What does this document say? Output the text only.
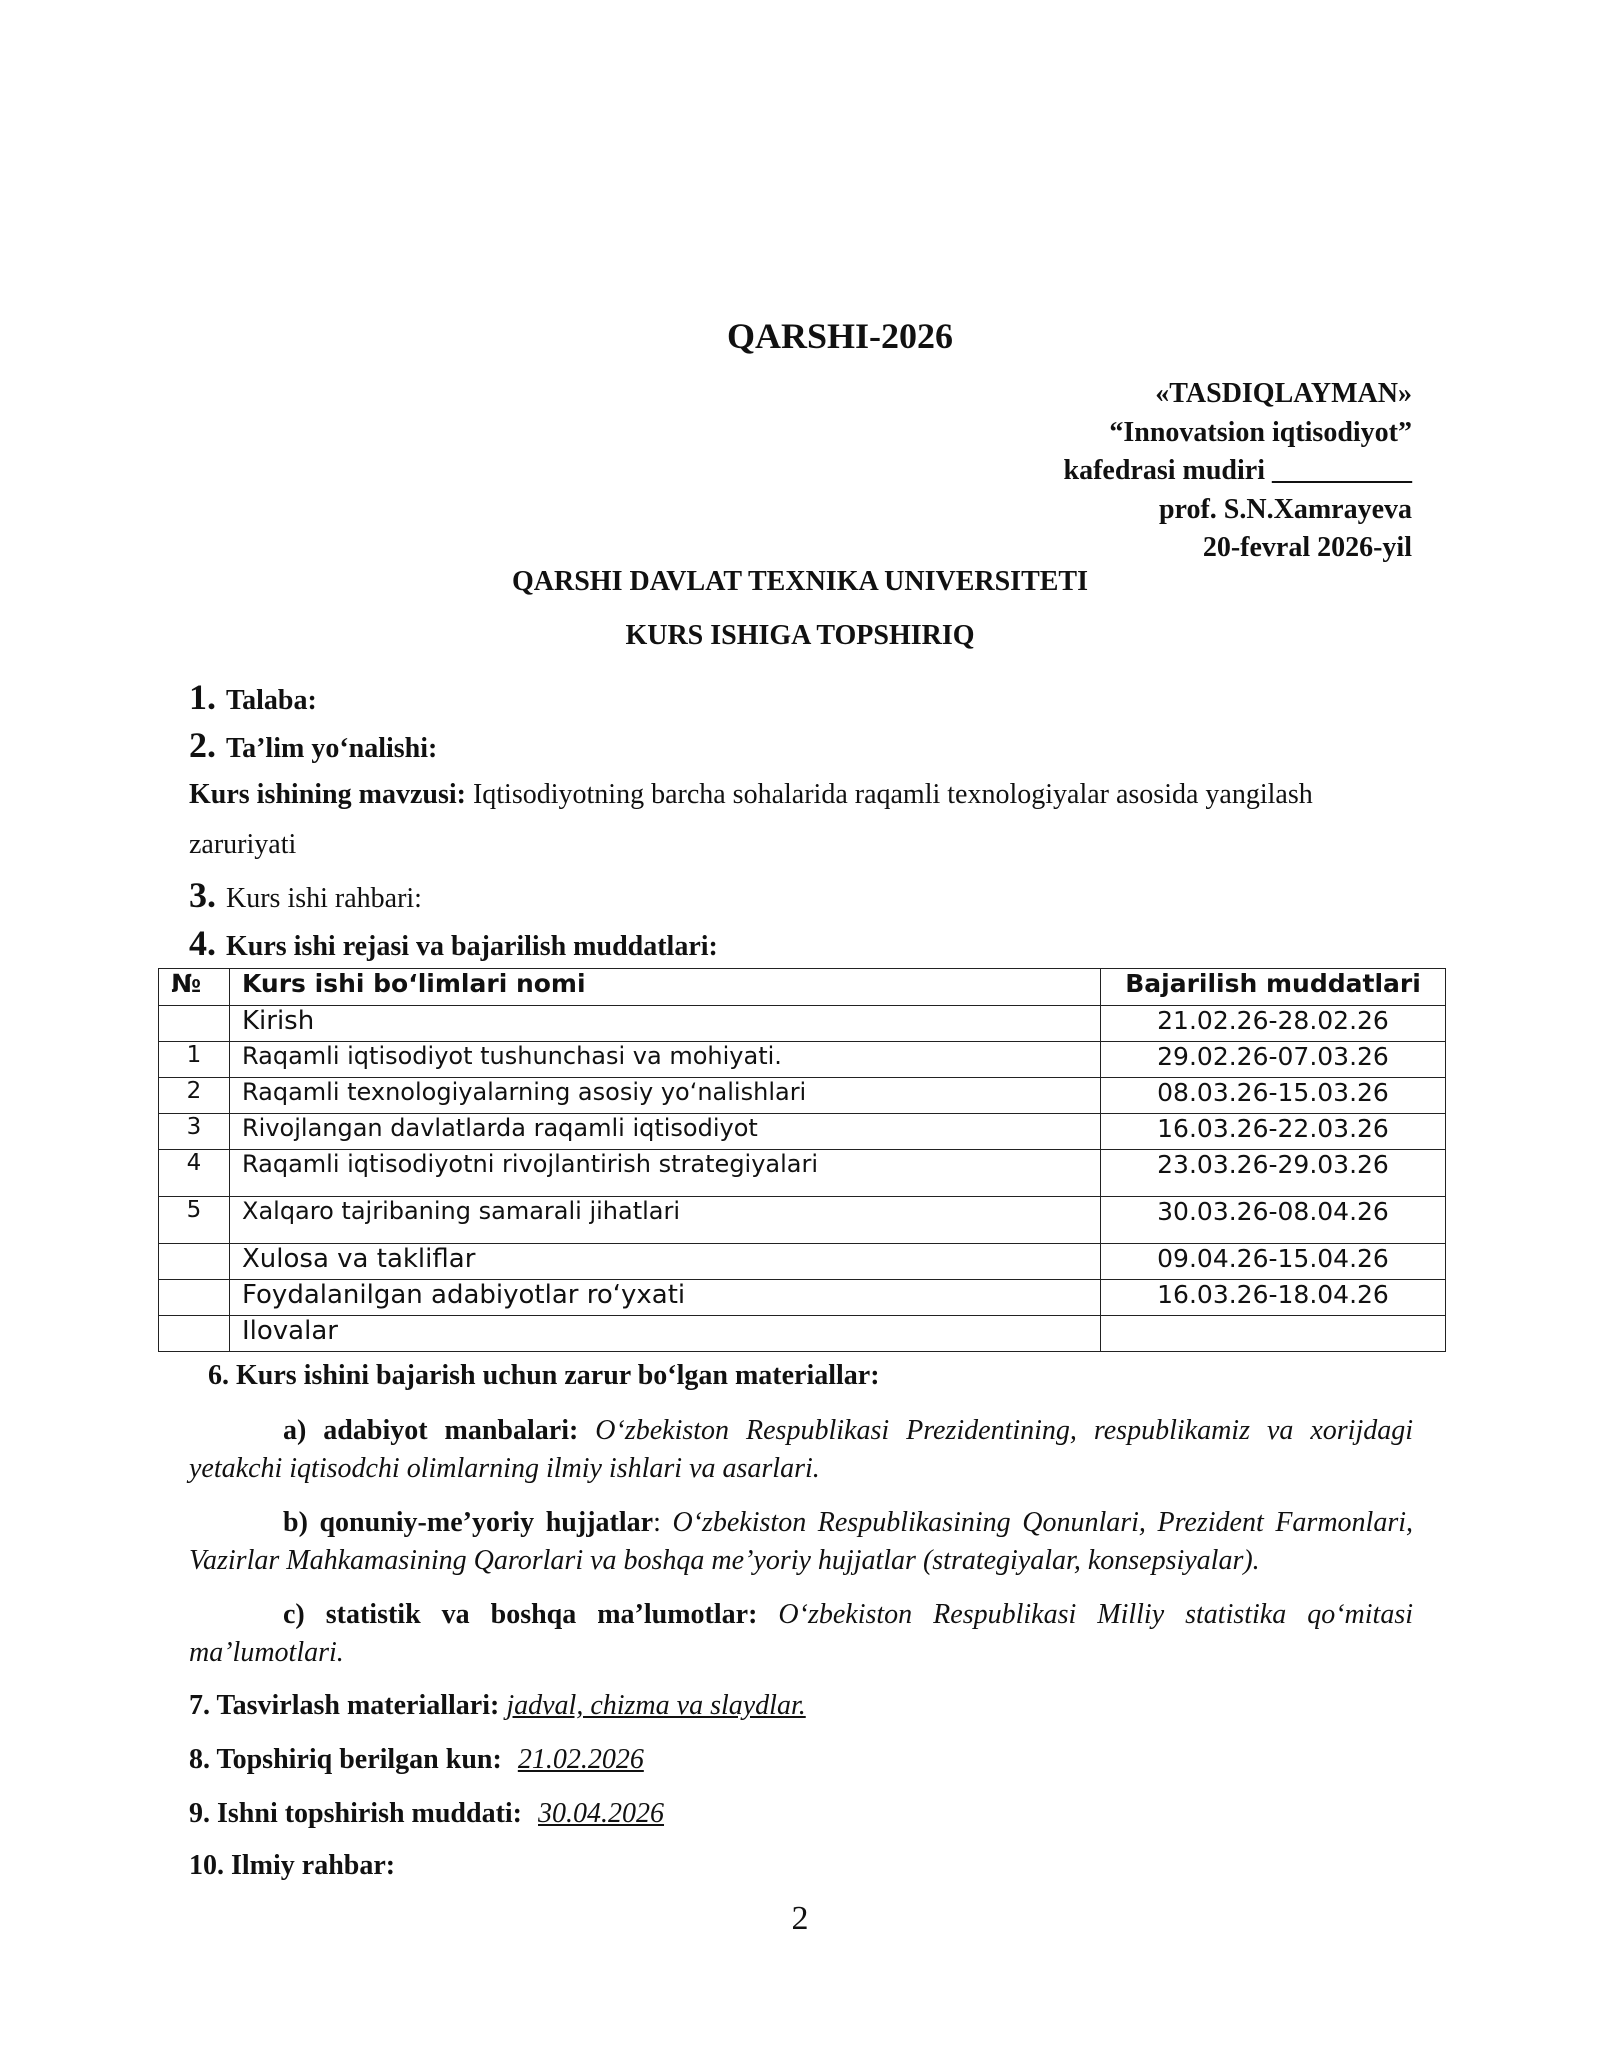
QARSHI-2026
«TASDIQLAYMAN»
“Innovatsion iqtisodiyot”
kafedrasi mudiri __________
prof. S.N.Xamrayeva
20-fevral 2026-yil
QARSHI DAVLAT TEXNIKA UNIVERSITETI
KURS ISHIGA TOPSHIRIQ
1. Talaba:
2. Ta’lim yo‘nalishi:
Kurs ishining mavzusi: Iqtisodiyotning barcha sohalarida raqamli texnologiyalar asosida yangilash zaruriyati
3. Kurs ishi rahbari:
4. Kurs ishi rejasi va bajarilish muddatlari:
№	Kurs ishi bo‘limlari nomi	Bajarilish muddatlari
	Kirish	21.02.26-28.02.26
1	Raqamli iqtisodiyot tushunchasi va mohiyati.	29.02.26-07.03.26
2	Raqamli texnologiyalarning asosiy yo‘nalishlari	08.03.26-15.03.26
3	Rivojlangan davlatlarda raqamli iqtisodiyot	16.03.26-22.03.26
4	Raqamli iqtisodiyotni rivojlantirish strategiyalari	23.03.26-29.03.26
5	Xalqaro tajribaning samarali jihatlari	30.03.26-08.04.26
	Xulosa va takliflar	09.04.26-15.04.26
	Foydalanilgan adabiyotlar ro‘yxati	16.03.26-18.04.26
	Ilovalar	
6. Kurs ishini bajarish uchun zarur bo‘lgan materiallar:
a) adabiyot manbalari: O‘zbekiston Respublikasi Prezidentining, respublikamiz va xorijdagi yetakchi iqtisodchi olimlarning ilmiy ishlari va asarlari.
b) qonuniy-me’yoriy hujjatlar: O‘zbekiston Respublikasining Qonunlari, Prezident Farmonlari, Vazirlar Mahkamasining Qarorlari va boshqa me’yoriy hujjatlar (strategiyalar, konsepsiyalar).
c) statistik va boshqa ma’lumotlar: O‘zbekiston Respublikasi Milliy statistika qo‘mitasi ma’lumotlari.
7. Tasvirlash materiallari: jadval, chizma va slaydlar.
8. Topshiriq berilgan kun: 21.02.2026
9. Ishni topshirish muddati: 30.04.2026
10. Ilmiy rahbar:
2
